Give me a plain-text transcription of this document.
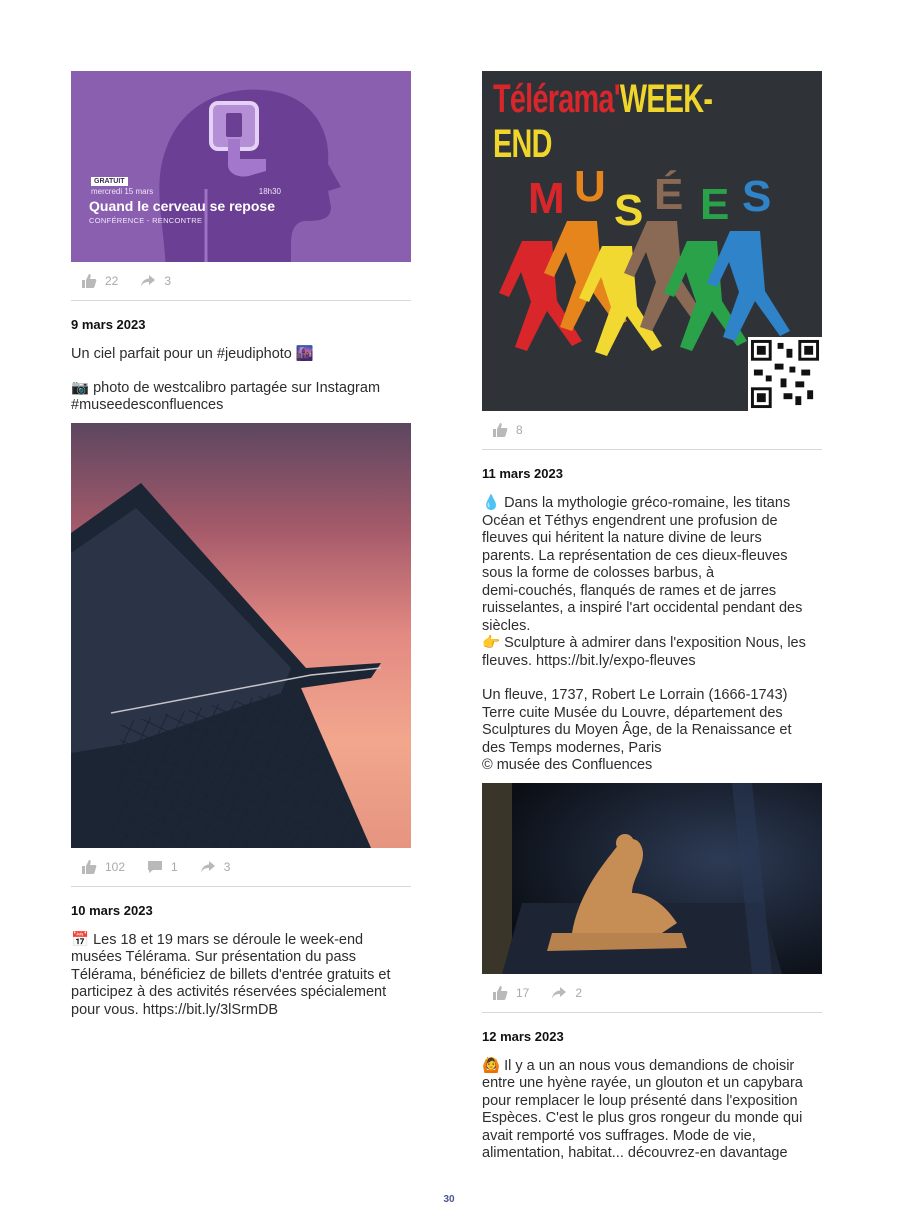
GRATUIT
mercredi 15 mars	18h30
Quand le cerveau se repose
CONFÉRENCE - RENCONTRE
22	3
9 mars 2023
Un ciel parfait pour un #jeudiphoto 🌆
📷 photo de westcalibro partagée sur Instagram
#museedesconfluences
102	1	3
10 mars 2023
📅 Les 18 et 19 mars se déroule le week-end
musées Télérama. Sur présentation du pass
Télérama, bénéficiez de billets d'entrée gratuits et
participez à des activités réservées spécialement
pour vous. https://bit.ly/3lSrmDB
Télérama'WEEK-END
M U S É E S
8
11 mars 2023
💧 Dans la mythologie gréco-romaine, les titans
Océan et Téthys engendrent une profusion de
fleuves qui héritent la nature divine de leurs
parents. La représentation de ces dieux-fleuves
sous la forme de colosses barbus, à
demi-couchés, flanqués de rames et de jarres
ruisselantes, a inspiré l'art occidental pendant des
siècles.
👉 Sculpture à admirer dans l'exposition Nous, les
fleuves. https://bit.ly/expo-fleuves
Un fleuve, 1737, Robert Le Lorrain (1666-1743)
Terre cuite Musée du Louvre, département des
Sculptures du Moyen Âge, de la Renaissance et
des Temps modernes, Paris
© musée des Confluences
17	2
12 mars 2023
🙆 Il y a un an nous vous demandions de choisir
entre une hyène rayée, un glouton et un capybara
pour remplacer le loup présenté dans l'exposition
Espèces. C'est le plus gros rongeur du monde qui
avait remporté vos suffrages. Mode de vie,
alimentation, habitat... découvrez-en davantage
30
